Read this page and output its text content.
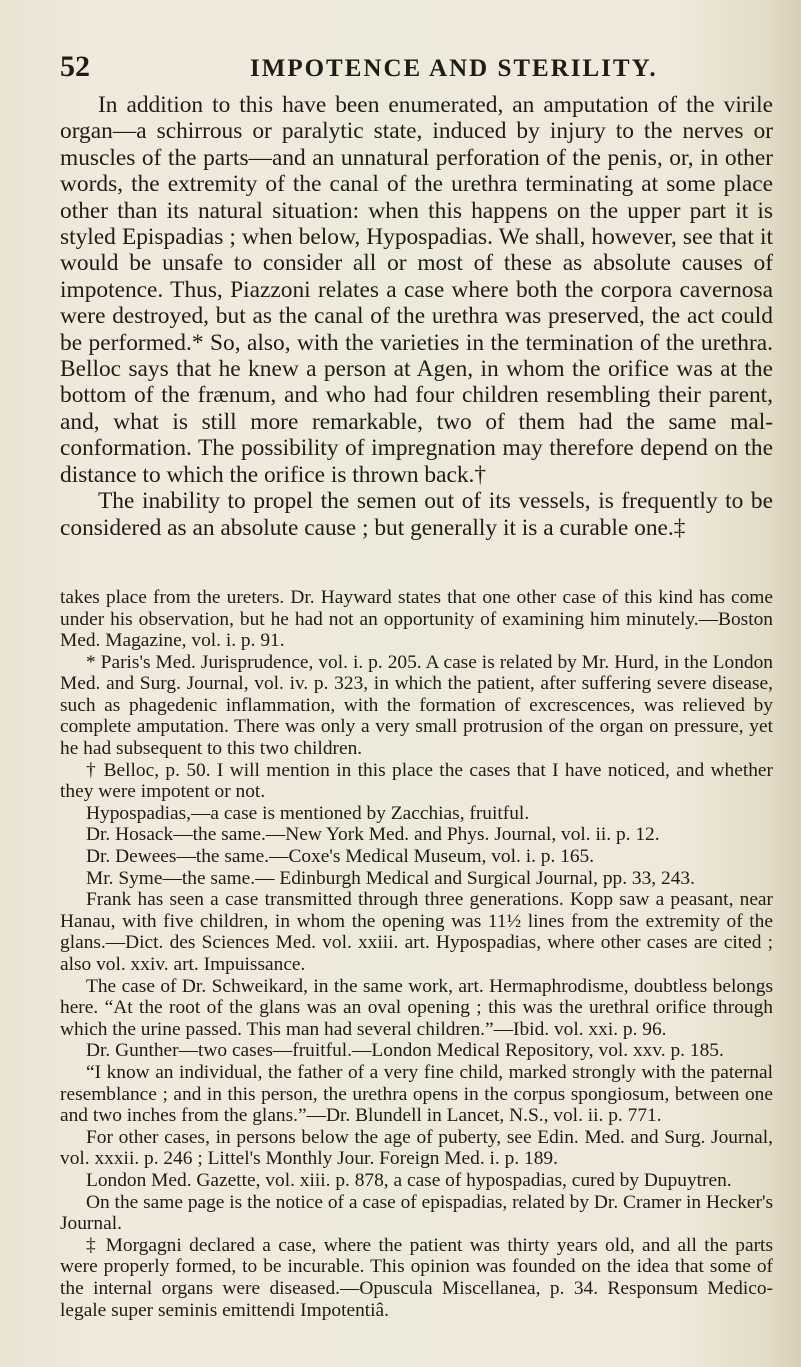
52	IMPOTENCE AND STERILITY.

In addition to this have been enumerated, an amputation of the virile organ—a schirrous or paralytic state, induced by injury to the nerves or muscles of the parts—and an unnatural perforation of the penis, or, in other words, the extremity of the canal of the urethra terminating at some place other than its natural situation: when this happens on the upper part it is styled Epispadias ; when below, Hypospadias. We shall, however, see that it would be unsafe to consider all or most of these as absolute causes of impotence. Thus, Piazzoni relates a case where both the corpora cavernosa were destroyed, but as the canal of the urethra was preserved, the act could be performed.* So, also, with the varieties in the termination of the urethra. Belloc says that he knew a person at Agen, in whom the orifice was at the bottom of the frænum, and who had four children resembling their parent, and, what is still more remarkable, two of them had the same mal-conformation. The possibility of impregnation may therefore depend on the distance to which the orifice is thrown back.†

The inability to propel the semen out of its vessels, is frequently to be considered as an absolute cause ; but generally it is a curable one.‡

takes place from the ureters. Dr. Hayward states that one other case of this kind has come under his observation, but he had not an opportunity of examining him minutely.—Boston Med. Magazine, vol. i. p. 91.

* Paris's Med. Jurisprudence, vol. i. p. 205. A case is related by Mr. Hurd, in the London Med. and Surg. Journal, vol. iv. p. 323, in which the patient, after suffering severe disease, such as phagedenic inflammation, with the formation of excrescences, was relieved by complete amputation. There was only a very small protrusion of the organ on pressure, yet he had subsequent to this two children.

† Belloc, p. 50. I will mention in this place the cases that I have noticed, and whether they were impotent or not.

Hypospadias,—a case is mentioned by Zacchias, fruitful.

Dr. Hosack—the same.—New York Med. and Phys. Journal, vol. ii. p. 12.

Dr. Dewees—the same.—Coxe's Medical Museum, vol. i. p. 165.

Mr. Syme—the same.— Edinburgh Medical and Surgical Journal, pp. 33, 243.

Frank has seen a case transmitted through three generations. Kopp saw a peasant, near Hanau, with five children, in whom the opening was 11½ lines from the extremity of the glans.—Dict. des Sciences Med. vol. xxiii. art. Hypospadias, where other cases are cited ; also vol. xxiv. art. Impuissance.

The case of Dr. Schweikard, in the same work, art. Hermaphrodisme, doubtless belongs here. “At the root of the glans was an oval opening ; this was the urethral orifice through which the urine passed. This man had several children.”—Ibid. vol. xxi. p. 96.

Dr. Gunther—two cases—fruitful.—London Medical Repository, vol. xxv. p. 185.

“I know an individual, the father of a very fine child, marked strongly with the paternal resemblance ; and in this person, the urethra opens in the corpus spongiosum, between one and two inches from the glans.”—Dr. Blundell in Lancet, N.S., vol. ii. p. 771.

For other cases, in persons below the age of puberty, see Edin. Med. and Surg. Journal, vol. xxxii. p. 246 ; Littel's Monthly Jour. Foreign Med. i. p. 189.

London Med. Gazette, vol. xiii. p. 878, a case of hypospadias, cured by Dupuytren.

On the same page is the notice of a case of epispadias, related by Dr. Cramer in Hecker's Journal.

‡ Morgagni declared a case, where the patient was thirty years old, and all the parts were properly formed, to be incurable. This opinion was founded on the idea that some of the internal organs were diseased.—Opuscula Miscellanea, p. 34. Responsum Medico-legale super seminis emittendi Impotentiâ.
